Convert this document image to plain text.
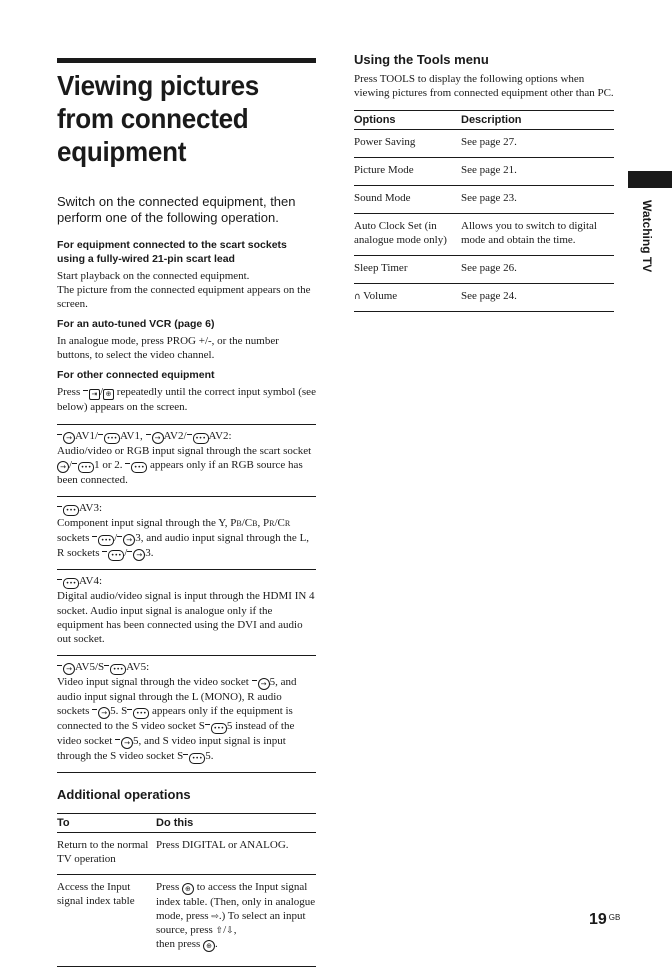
Viewing pictures from connected equipment

Switch on the connected equipment, then perform one of the following operation.

For equipment connected to the scart sockets using a fully-wired 21-pin scart lead

Start playback on the connected equipment.
The picture from the connected equipment appears on the screen.

For an auto-tuned VCR (page 6)

In analogue mode, press PROG +/-, or the number buttons, to select the video channel.

For other connected equipment

Press ⇥ / ⊕ repeatedly until the correct input symbol (see below) appears on the screen.

→ AV1/ ••• AV1, → AV2/ ••• AV2:
Audio/video or RGB input signal through the scart socket → / ••• 1 or 2. ••• appears only if an RGB source has been connected.
••• AV3:
Component input signal through the Y, PB/CB, PR/CR sockets ••• / → 3, and audio input signal through the L, R sockets ••• / → 3.
••• AV4:
Digital audio/video signal is input through the HDMI IN 4 socket. Audio input signal is analogue only if the equipment has been connected using the DVI and audio out socket.
→ AV5/S ••• AV5:
Video input signal through the video socket → 5, and audio input signal through the L (MONO), R audio sockets → 5. S ••• appears only if the equipment is connected to the S video socket S ••• 5 instead of the video socket → 5, and S video input signal is input through the S video socket S ••• 5.
Additional operations
To	Do this
Return to the normal TV operation	Press DIGITAL or ANALOG.
Access the Input signal index table	Press ⊕ to access the Input signal index table. (Then, only in analogue mode, press ⇨.) To select an input source, press ⇧/⇩,
then press ⊕ .
Using the Tools menu

Press TOOLS to display the following options when viewing pictures from connected equipment other than PC.

Options	Description
Power Saving	See page 27.
Picture Mode	See page 21.
Sound Mode	See page 23.
Auto Clock Set (in analogue mode only)	Allows you to switch to digital mode and obtain the time.
Sleep Timer	See page 26.
∩ Volume	See page 24.
Watching TV
19 $^{GB}$
